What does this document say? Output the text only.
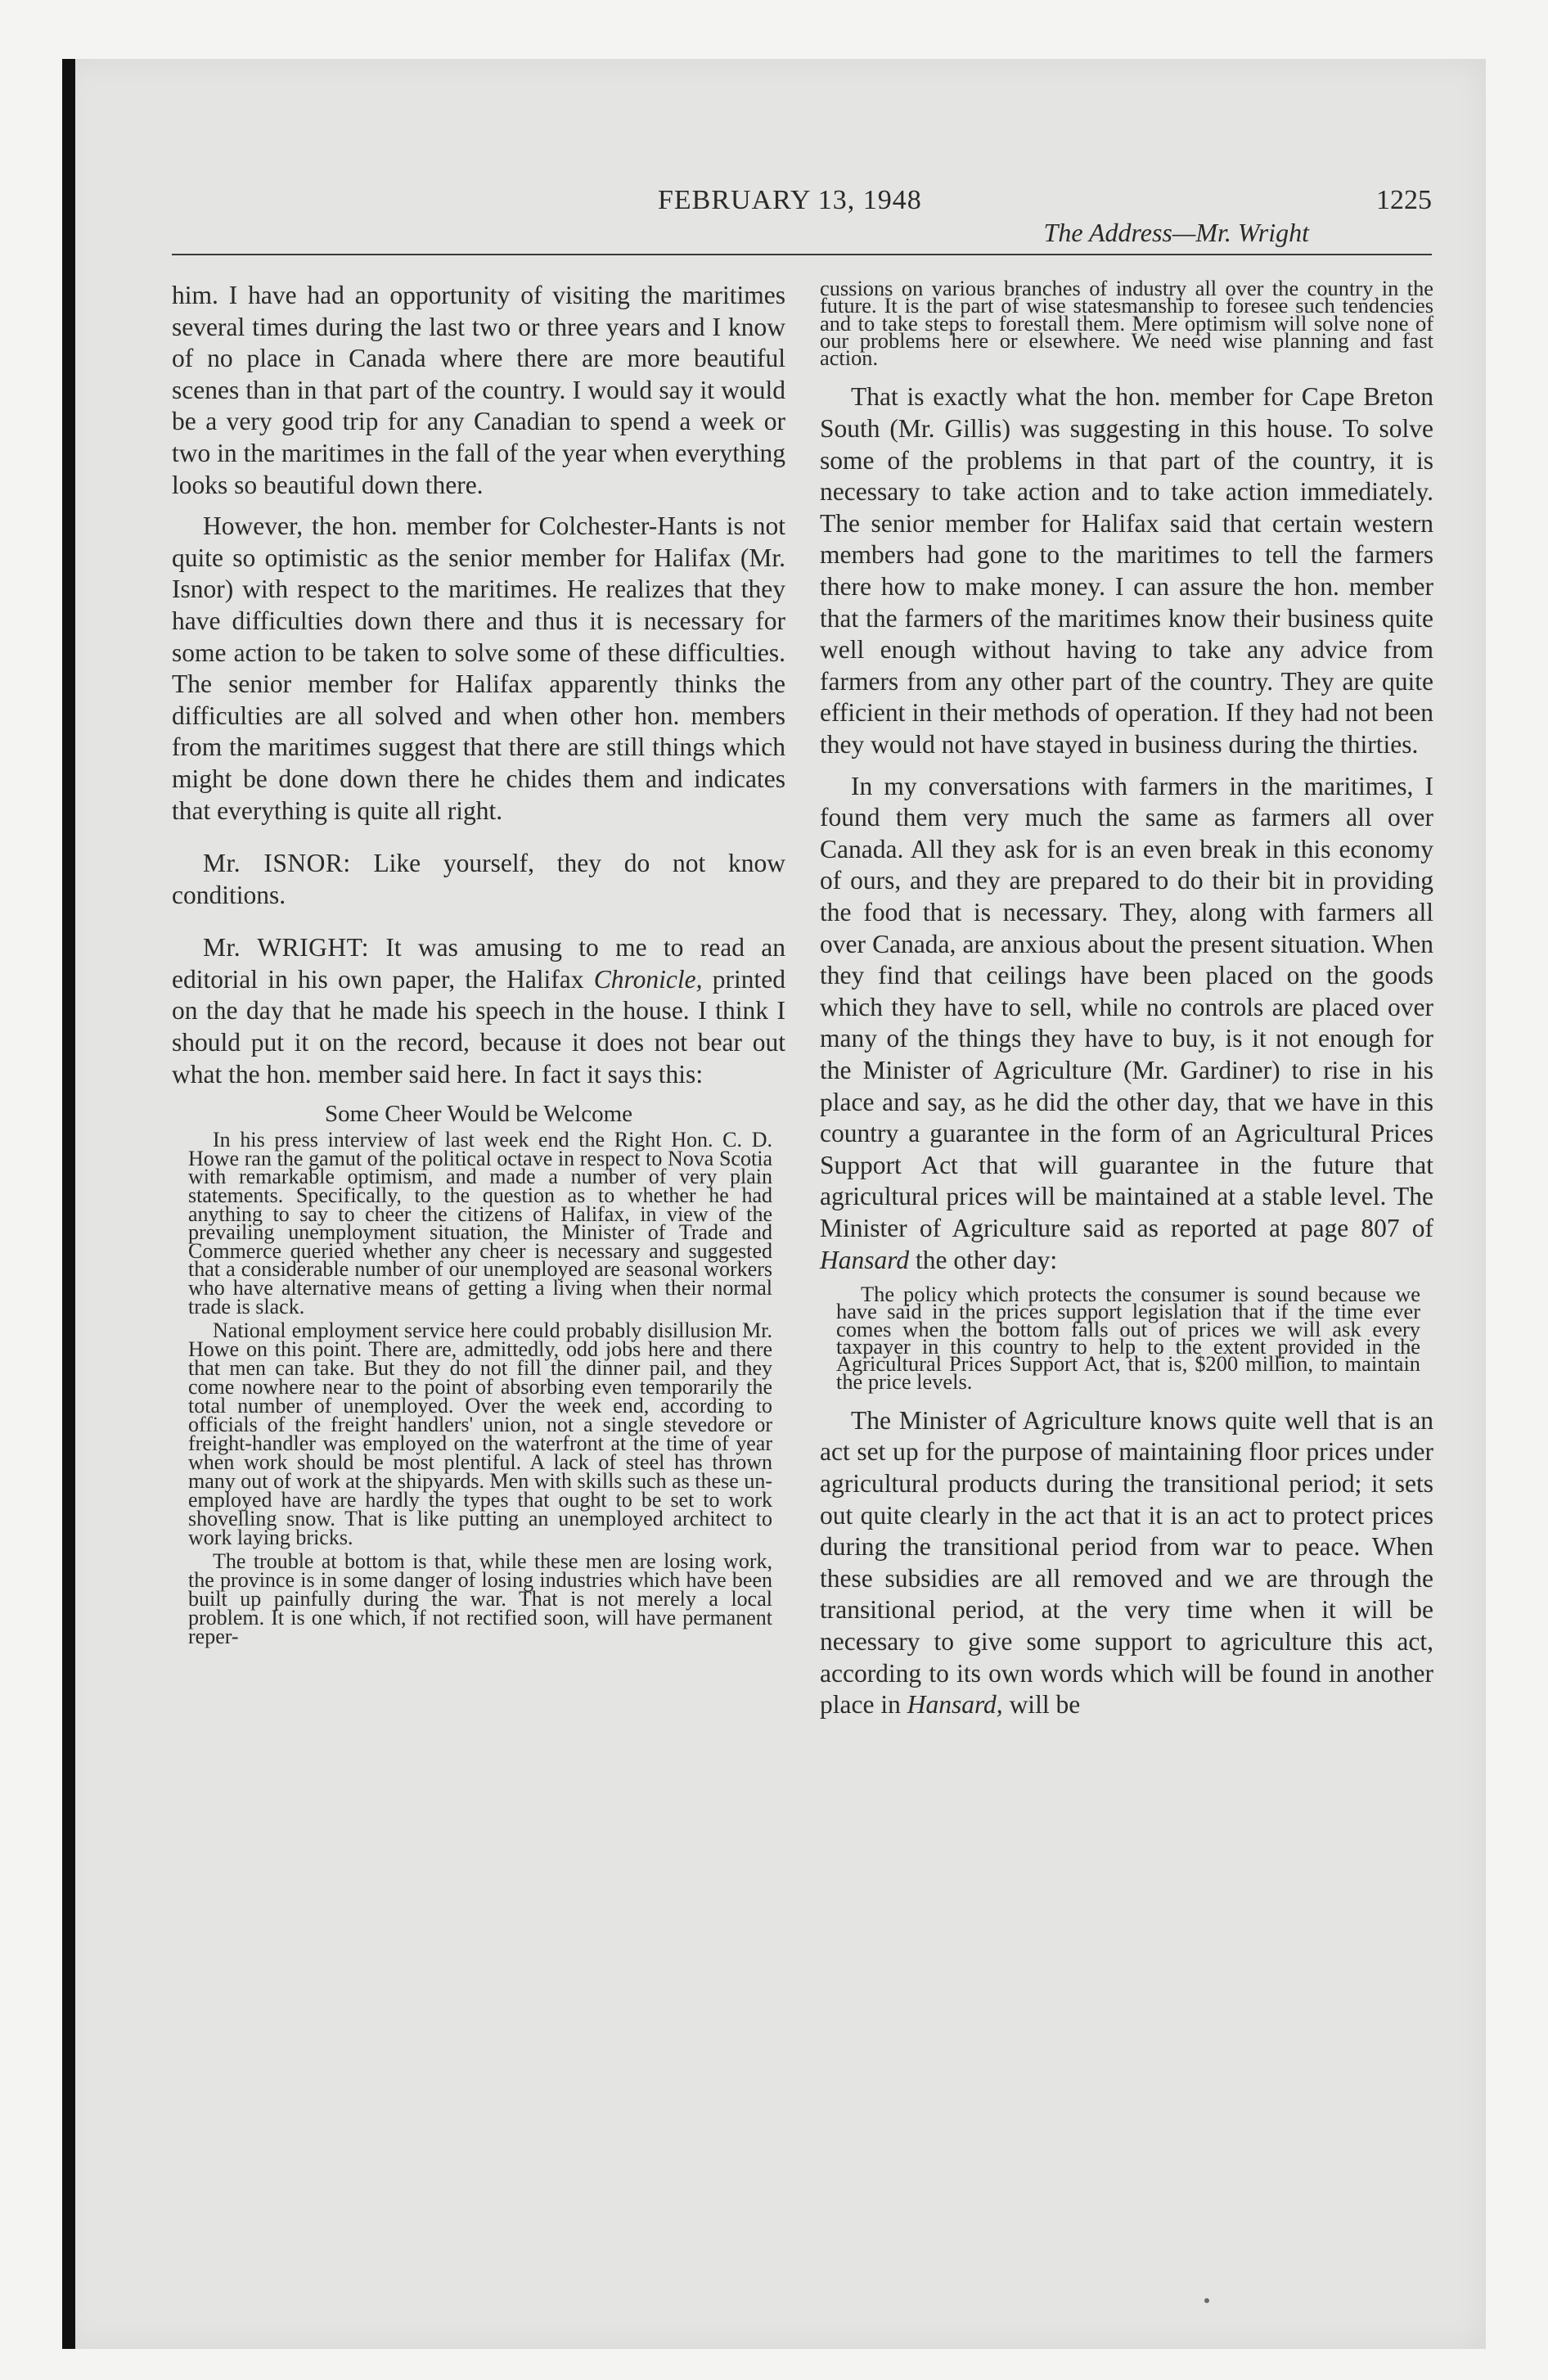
FEBRUARY 13, 1948	1225
The Address—Mr. Wright

him. I have had an opportunity of visiting the maritimes several times during the last two or three years and I know of no place in Canada where there are more beautiful scenes than in that part of the country. I would say it would be a very good trip for any Canadian to spend a week or two in the maritimes in the fall of the year when everything looks so beautiful down there.

However, the hon. member for Colchester-Hants is not quite so optimistic as the senior member for Halifax (Mr. Isnor) with respect to the maritimes. He realizes that they have difficulties down there and thus it is necessary for some action to be taken to solve some of these difficulties. The senior member for Halifax apparently thinks the difficulties are all solved and when other hon. members from the maritimes suggest that there are still things which might be done down there he chides them and indicates that everything is quite all right.

Mr. ISNOR: Like yourself, they do not know conditions.

Mr. WRIGHT: It was amusing to me to read an editorial in his own paper, the Halifax Chronicle, printed on the day that he made his speech in the house. I think I should put it on the record, because it does not bear out what the hon. member said here. In fact it says this:

Some Cheer Would be Welcome

In his press interview of last week end the Right Hon. C. D. Howe ran the gamut of the political octave in respect to Nova Scotia with remarkable optimism, and made a number of very plain statements. Specifically, to the question as to whether he had anything to say to cheer the citizens of Halifax, in view of the prevailing unemployment situation, the Minister of Trade and Commerce queried whether any cheer is necessary and suggested that a considerable number of our unemployed are seasonal workers who have alternative means of getting a living when their normal trade is slack.

National employment service here could probably disillusion Mr. Howe on this point. There are, admittedly, odd jobs here and there that men can take. But they do not fill the dinner pail, and they come nowhere near to the point of absorbing even temporarily the total number of unemployed. Over the week end, according to officials of the freight handlers' union, not a single stevedore or freight-handler was employed on the waterfront at the time of year when work should be most plentiful. A lack of steel has thrown many out of work at the shipyards. Men with skills such as these unemployed have are hardly the types that ought to be set to work shovelling snow. That is like putting an unemployed architect to work laying bricks.

The trouble at bottom is that, while these men are losing work, the province is in some danger of losing industries which have been built up painfully during the war. That is not merely a local problem. It is one which, if not rectified soon, will have permanent reper-

cussions on various branches of industry all over the country in the future. It is the part of wise statesmanship to foresee such tendencies and to take steps to forestall them. Mere optimism will solve none of our problems here or elsewhere. We need wise planning and fast action.

That is exactly what the hon. member for Cape Breton South (Mr. Gillis) was suggesting in this house. To solve some of the problems in that part of the country, it is necessary to take action and to take action immediately. The senior member for Halifax said that certain western members had gone to the maritimes to tell the farmers there how to make money. I can assure the hon. member that the farmers of the maritimes know their business quite well enough without having to take any advice from farmers from any other part of the country. They are quite efficient in their methods of operation. If they had not been they would not have stayed in business during the thirties.

In my conversations with farmers in the maritimes, I found them very much the same as farmers all over Canada. All they ask for is an even break in this economy of ours, and they are prepared to do their bit in providing the food that is necessary. They, along with farmers all over Canada, are anxious about the present situation. When they find that ceilings have been placed on the goods which they have to sell, while no controls are placed over many of the things they have to buy, is it not enough for the Minister of Agriculture (Mr. Gardiner) to rise in his place and say, as he did the other day, that we have in this country a guarantee in the form of an Agricultural Prices Support Act that will guarantee in the future that agricultural prices will be maintained at a stable level. The Minister of Agriculture said as reported at page 807 of Hansard the other day:

The policy which protects the consumer is sound because we have said in the prices support legislation that if the time ever comes when the bottom falls out of prices we will ask every taxpayer in this country to help to the extent provided in the Agricultural Prices Support Act, that is, $200 million, to maintain the price levels.

The Minister of Agriculture knows quite well that is an act set up for the purpose of maintaining floor prices under agricultural products during the transitional period; it sets out quite clearly in the act that it is an act to protect prices during the transitional period from war to peace. When these subsidies are all removed and we are through the transitional period, at the very time when it will be necessary to give some support to agriculture this act, according to its own words which will be found in another place in Hansard, will be
